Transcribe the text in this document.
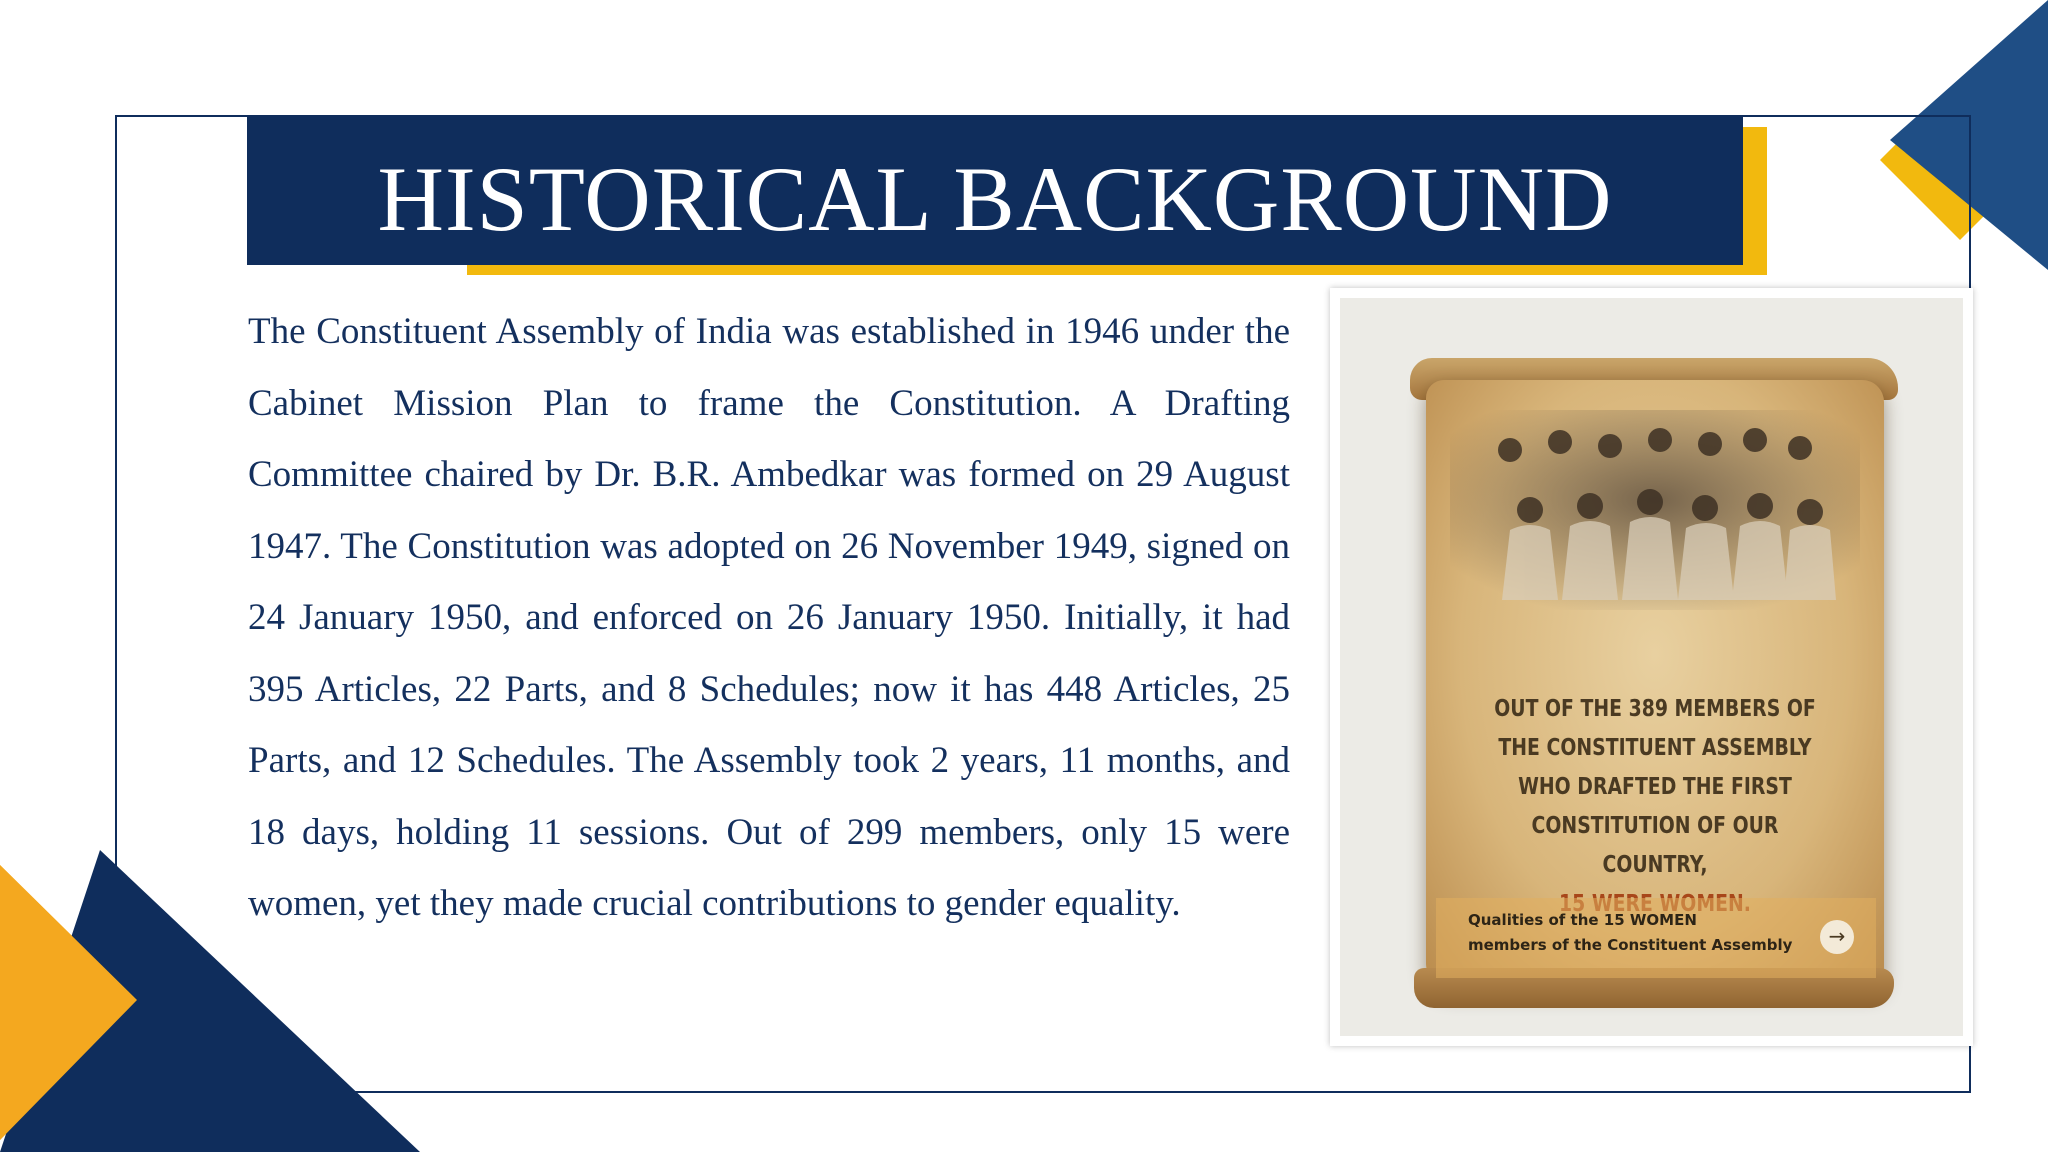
HISTORICAL BACKGROUND
The Constituent Assembly of India was established in 1946 under the Cabinet Mission Plan to frame the Constitution. A Drafting Committee chaired by Dr. B.R. Ambedkar was formed on 29 August 1947. The Constitution was adopted on 26 November 1949, signed on 24 January 1950, and enforced on 26 January 1950. Initially, it had 395 Articles, 22 Parts, and 8 Schedules; now it has 448 Articles, 25 Parts, and 12 Schedules. The Assembly took 2 years, 11 months, and 18 days, holding 11 sessions. Out of 299 members, only 15 were women, yet they made crucial contributions to gender equality.
OUT OF THE 389 MEMBERS OF
THE CONSTITUENT ASSEMBLY
WHO DRAFTED THE FIRST
CONSTITUTION OF OUR COUNTRY,
Qualities of the 15 WOMEN
members of the Constituent Assembly	→
